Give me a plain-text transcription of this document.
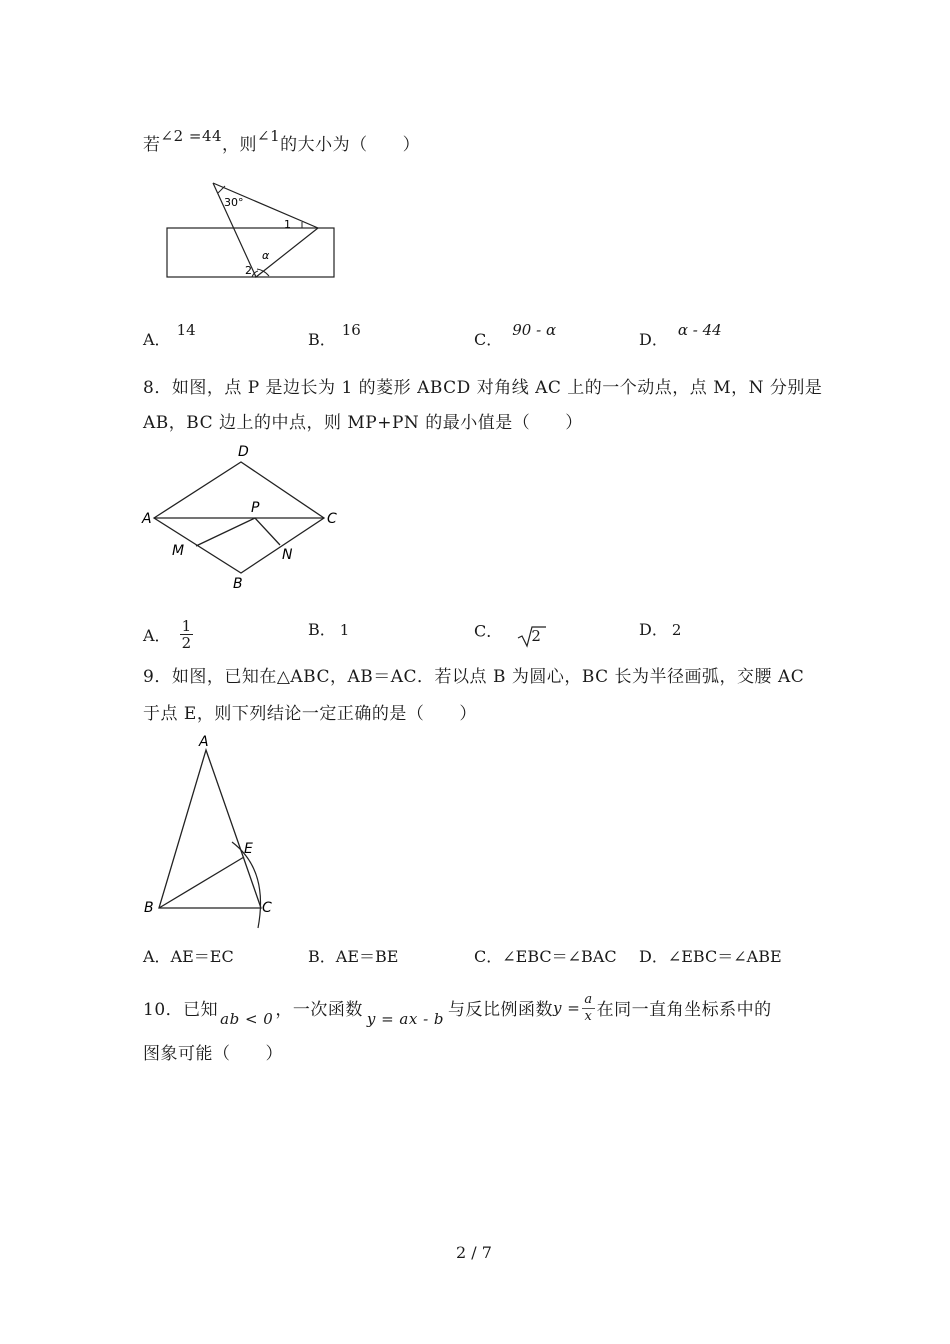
若∠2 =44，则∠1的大小为（　　）
30°
1
α
2
A． 14	B． 16	C． 90 - α	D． α - 44
8．如图，点 P 是边长为 1 的菱形 ABCD 对角线 AC 上的一个动点，点 M，N 分别是
AB，BC 边上的中点，则 MP+PN 的最小值是（　　）
D
A	C
P
M	N
B
A． $\frac{1}{2}$	B． 1	C． 2	D． 2
9．如图，已知在△ABC，AB＝AC．若以点 B 为圆心，BC 长为半径画弧，交腰 AC
于点 E，则下列结论一定正确的是（　　）
A
B	C
E
A．AE＝EC	B．AE＝BE	C．∠EBC＝∠BAC D．∠EBC＝∠ABE
10．已知 ab < 0 ，一次函数 y = ax - b 与反比例函数$y = \frac{a}{x}$ 在同一直角坐标系中的
图象可能（　　）
2 / 7
